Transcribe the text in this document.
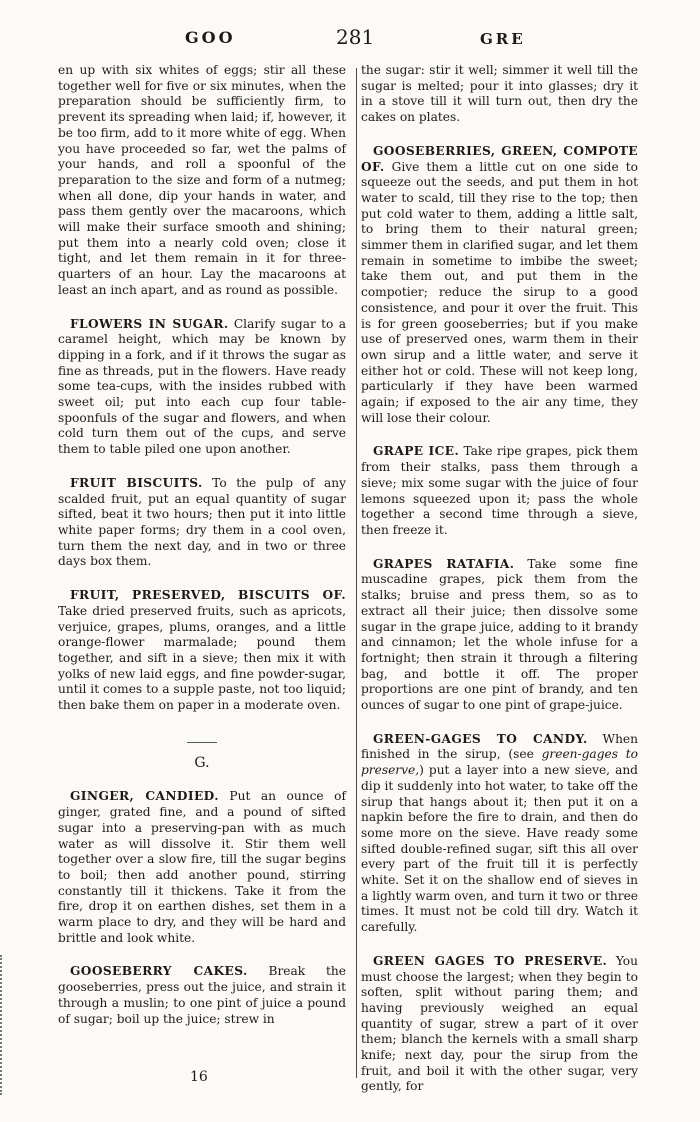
GOO	281	GRE

en up with six whites of eggs; stir all these together well for five or six minutes, when the preparation should be sufficiently firm, to prevent its spreading when laid; if, however, it be too firm, add to it more white of egg. When you have proceeded so far, wet the palms of your hands, and roll a spoonful of the preparation to the size and form of a nutmeg; when all done, dip your hands in water, and pass them gently over the macaroons, which will make their surface smooth and shining; put them into a nearly cold oven; close it tight, and let them remain in it for three-quarters of an hour. Lay the macaroons at least an inch apart, and as round as possible.

FLOWERS IN SUGAR. Clarify sugar to a caramel height, which may be known by dipping in a fork, and if it throws the sugar as fine as threads, put in the flowers. Have ready some tea-cups, with the insides rubbed with sweet oil; put into each cup four table-spoonfuls of the sugar and flowers, and when cold turn them out of the cups, and serve them to table piled one upon another.

FRUIT BISCUITS. To the pulp of any scalded fruit, put an equal quantity of sugar sifted, beat it two hours; then put it into little white paper forms; dry them in a cool oven, turn them the next day, and in two or three days box them.

FRUIT, PRESERVED, BISCUITS OF. Take dried preserved fruits, such as apricots, verjuice, grapes, plums, oranges, and a little orange-flower marmalade; pound them together, and sift in a sieve; then mix it with yolks of new laid eggs, and fine powder-sugar, until it comes to a supple paste, not too liquid; then bake them on paper in a moderate oven.

G.

GINGER, CANDIED. Put an ounce of ginger, grated fine, and a pound of sifted sugar into a preserving-pan with as much water as will dissolve it. Stir them well together over a slow fire, till the sugar begins to boil; then add another pound, stirring constantly till it thickens. Take it from the fire, drop it on earthen dishes, set them in a warm place to dry, and they will be hard and brittle and look white.

GOOSEBERRY CAKES. Break the gooseberries, press out the juice, and strain it through a muslin; to one pint of juice a pound of sugar; boil up the juice; strew in

the sugar: stir it well; simmer it well till the sugar is melted; pour it into glasses; dry it in a stove till it will turn out, then dry the cakes on plates.

GOOSEBERRIES, GREEN, COMPOTE OF. Give them a little cut on one side to squeeze out the seeds, and put them in hot water to scald, till they rise to the top; then put cold water to them, adding a little salt, to bring them to their natural green; simmer them in clarified sugar, and let them remain in sometime to imbibe the sweet; take them out, and put them in the compotier; reduce the sirup to a good consistence, and pour it over the fruit. This is for green gooseberries; but if you make use of preserved ones, warm them in their own sirup and a little water, and serve it either hot or cold. These will not keep long, particularly if they have been warmed again; if exposed to the air any time, they will lose their colour.

GRAPE ICE. Take ripe grapes, pick them from their stalks, pass them through a sieve; mix some sugar with the juice of four lemons squeezed upon it; pass the whole together a second time through a sieve, then freeze it.

GRAPES RATAFIA. Take some fine muscadine grapes, pick them from the stalks; bruise and press them, so as to extract all their juice; then dissolve some sugar in the grape juice, adding to it brandy and cinnamon; let the whole infuse for a fortnight; then strain it through a filtering bag, and bottle it off. The proper proportions are one pint of brandy, and ten ounces of sugar to one pint of grape-juice.

GREEN-GAGES TO CANDY. When finished in the sirup, (see green-gages to preserve,) put a layer into a new sieve, and dip it suddenly into hot water, to take off the sirup that hangs about it; then put it on a napkin before the fire to drain, and then do some more on the sieve. Have ready some sifted double-refined sugar, sift this all over every part of the fruit till it is perfectly white. Set it on the shallow end of sieves in a lightly warm oven, and turn it two or three times. It must not be cold till dry. Watch it carefully.

GREEN GAGES TO PRESERVE. You must choose the largest; when they begin to soften, split without paring them; and having previously weighed an equal quantity of sugar, strew a part of it over them; blanch the kernels with a small sharp knife; next day, pour the sirup from the fruit, and boil it with the other sugar, very gently, for

16
